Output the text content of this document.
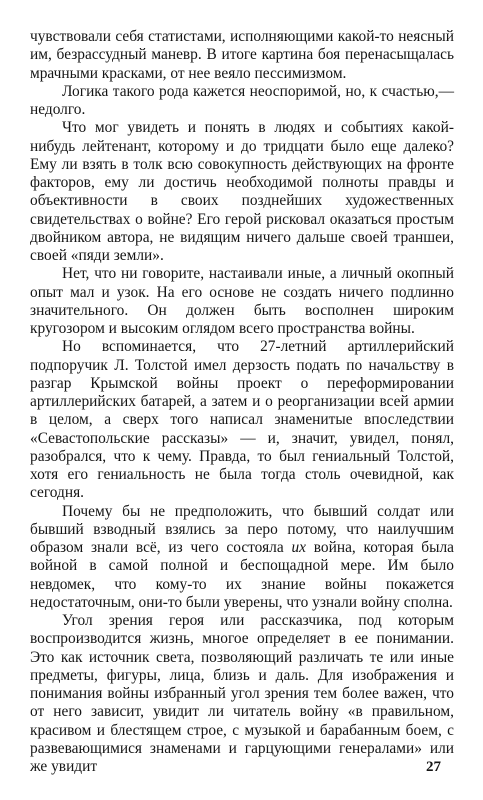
чувствовали себя статистами, исполняющими какой-то неясный им, безрассудный маневр. В итоге картина боя перенасыщалась мрачными красками, от нее веяло пессимизмом.

Логика такого рода кажется неоспоримой, но, к счастью,— недолго.

Что мог увидеть и понять в людях и событиях какой-нибудь лейтенант, которому и до тридцати было еще далеко? Ему ли взять в толк всю совокупность действующих на фронте факторов, ему ли достичь необходимой полноты правды и объективности в своих позднейших художественных свидетельствах о войне? Его герой рисковал оказаться простым двойником автора, не видящим ничего дальше своей траншеи, своей «пяди земли».

Нет, что ни говорите, настаивали иные, а личный окопный опыт мал и узок. На его основе не создать ничего подлинно значительного. Он должен быть восполнен широким кругозором и высоким оглядом всего пространства войны.

Но вспоминается, что 27-летний артиллерийский подпоручик Л. Толстой имел дерзость подать по начальству в разгар Крымской войны проект о переформировании артиллерийских батарей, а затем и о реорганизации всей армии в целом, а сверх того написал знаменитые впоследствии «Севастопольские рассказы» — и, значит, увидел, понял, разобрался, что к чему. Правда, то был гениальный Толстой, хотя его гениальность не была тогда столь очевидной, как сегодня.

Почему бы не предположить, что бывший солдат или бывший взводный взялись за перо потому, что наилучшим образом знали всё, из чего состояла их война, которая была войной в самой полной и беспощадной мере. Им было невдомек, что кому-то их знание войны покажется недостаточным, они-то были уверены, что узнали войну сполна.

Угол зрения героя или рассказчика, под которым воспроизводится жизнь, многое определяет в ее понимании. Это как источник света, позволяющий различать те или иные предметы, фигуры, лица, близь и даль. Для изображения и понимания войны избранный угол зрения тем более важен, что от него зависит, увидит ли читатель войну «в правильном, красивом и блестящем строе, с музыкой и барабанным боем, с развевающимися знаменами и гарцующими генералами» или же увидит	27
